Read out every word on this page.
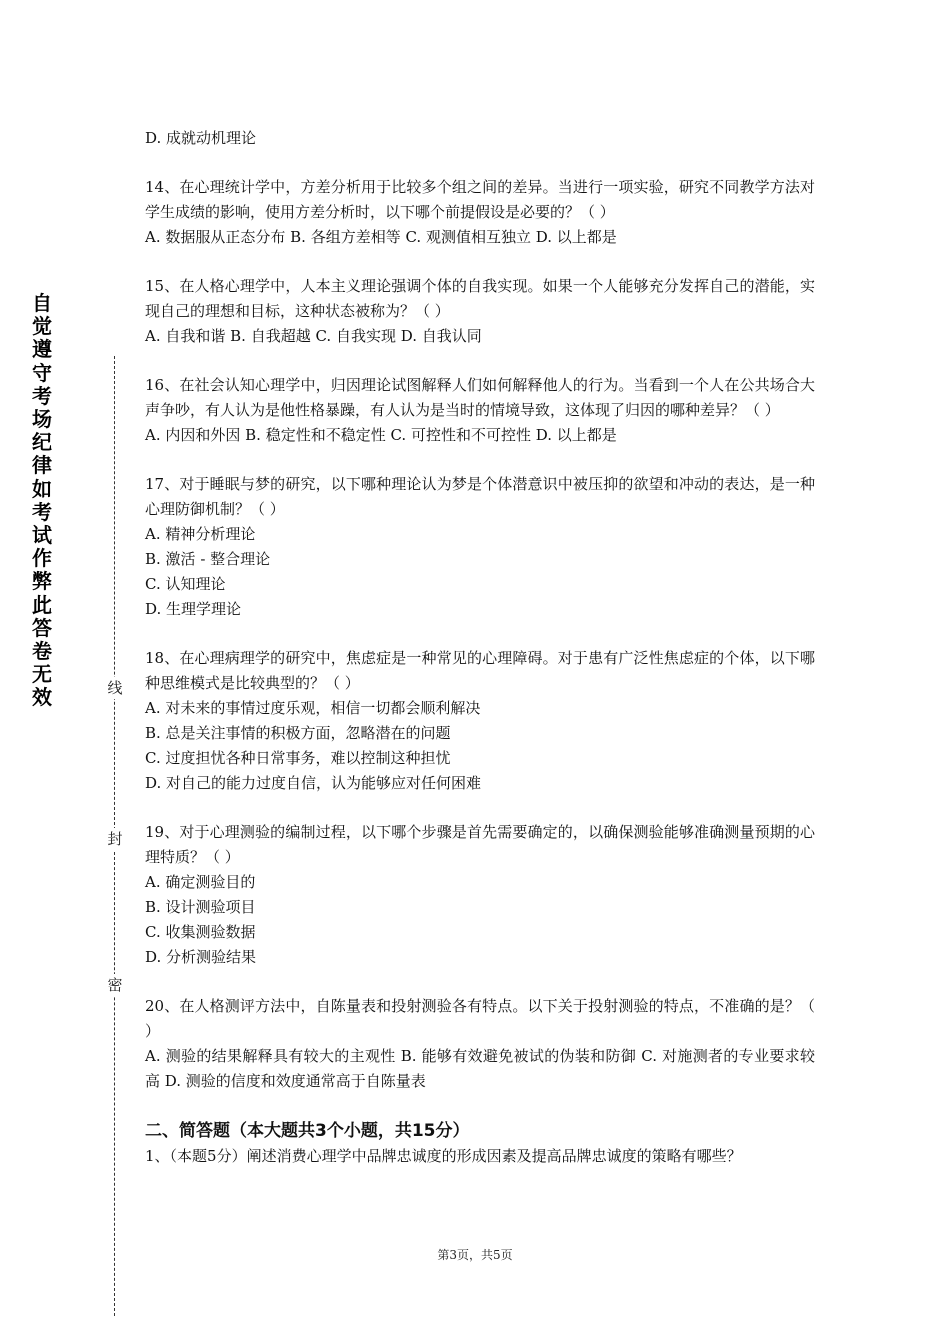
自觉遵守考场纪律如考试作弊此答卷无效	线
封
密

D. 成就动机理论

14、在心理统计学中，方差分析用于比较多个组之间的差异。当进行一项实验，研究不同教学方法对学生成绩的影响，使用方差分析时，以下哪个前提假设是必要的？（ ）

A. 数据服从正态分布 B. 各组方差相等 C. 观测值相互独立 D. 以上都是

15、在人格心理学中，人本主义理论强调个体的自我实现。如果一个人能够充分发挥自己的潜能，实现自己的理想和目标，这种状态被称为？（ ）

A. 自我和谐 B. 自我超越 C. 自我实现 D. 自我认同

16、在社会认知心理学中，归因理论试图解释人们如何解释他人的行为。当看到一个人在公共场合大声争吵，有人认为是他性格暴躁，有人认为是当时的情境导致，这体现了归因的哪种差异？（ ）

A. 内因和外因 B. 稳定性和不稳定性 C. 可控性和不可控性 D. 以上都是

17、对于睡眠与梦的研究，以下哪种理论认为梦是个体潜意识中被压抑的欲望和冲动的表达，是一种心理防御机制？（ ）

A. 精神分析理论

B. 激活 - 整合理论

C. 认知理论

D. 生理学理论

18、在心理病理学的研究中，焦虑症是一种常见的心理障碍。对于患有广泛性焦虑症的个体，以下哪种思维模式是比较典型的？（ ）

A. 对未来的事情过度乐观，相信一切都会顺利解决

B. 总是关注事情的积极方面，忽略潜在的问题

C. 过度担忧各种日常事务，难以控制这种担忧

D. 对自己的能力过度自信，认为能够应对任何困难

19、对于心理测验的编制过程，以下哪个步骤是首先需要确定的，以确保测验能够准确测量预期的心理特质？（ ）

A. 确定测验目的

B. 设计测验项目

C. 收集测验数据

D. 分析测验结果

20、在人格测评方法中，自陈量表和投射测验各有特点。以下关于投射测验的特点，不准确的是？（ ）

A. 测验的结果解释具有较大的主观性 B. 能够有效避免被试的伪装和防御 C. 对施测者的专业要求较高 D. 测验的信度和效度通常高于自陈量表

二、简答题（本大题共3个小题，共15分）

1、（本题5分）阐述消费心理学中品牌忠诚度的形成因素及提高品牌忠诚度的策略有哪些？

第3页，共5页
